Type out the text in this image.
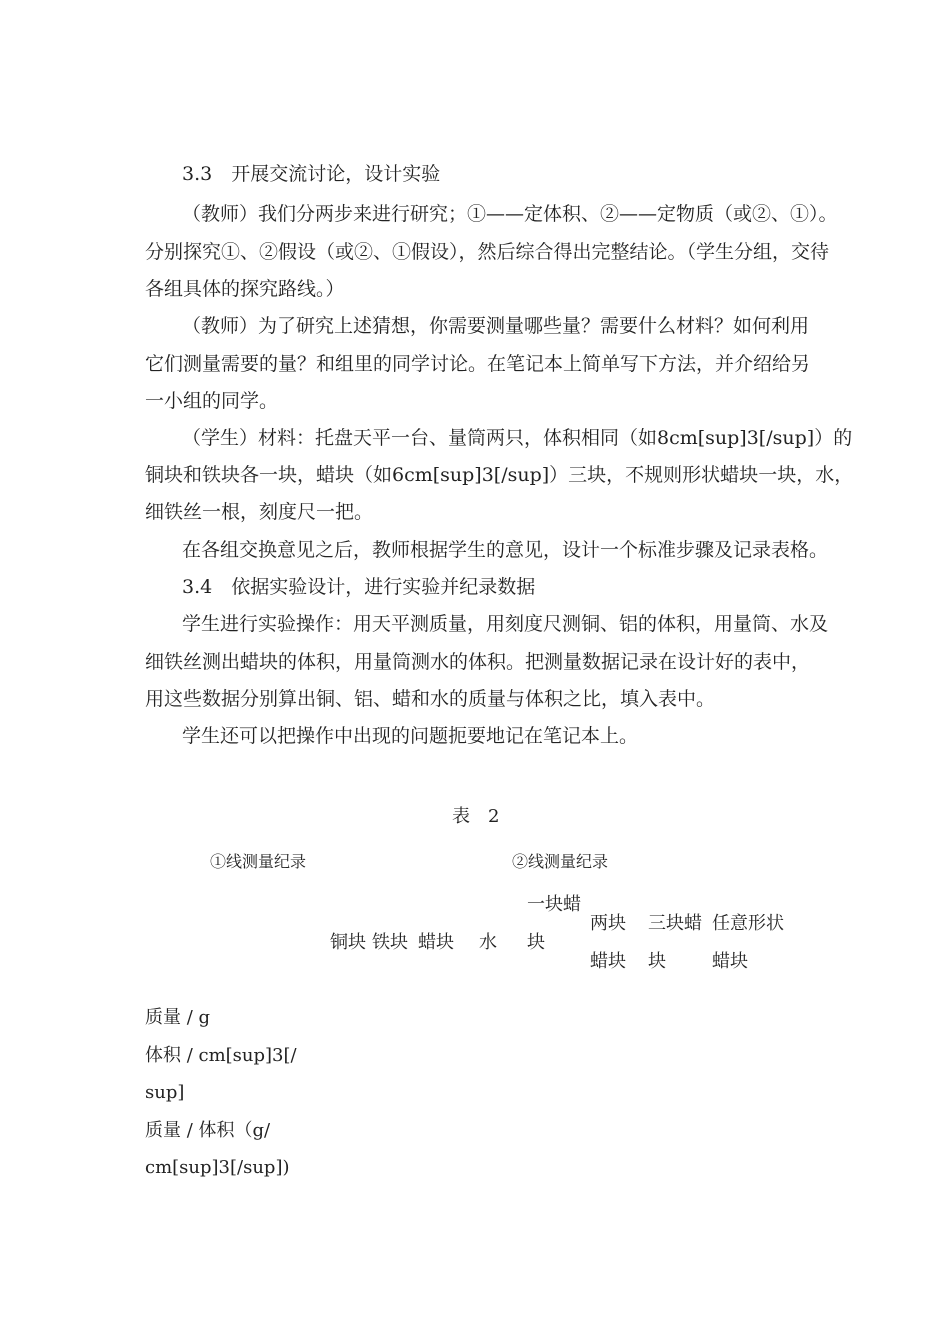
3.3　开展交流讨论，设计实验
（教师）我们分两步来进行研究；①——定体积、②——定物质（或②、①）。
分别探究①、②假设（或②、①假设），然后综合得出完整结论。（学生分组，交待
各组具体的探究路线。）
（教师）为了研究上述猜想，你需要测量哪些量？需要什么材料？如何利用
它们测量需要的量？和组里的同学讨论。在笔记本上简单写下方法，并介绍给另
一小组的同学。
（学生）材料：托盘天平一台、量筒两只，体积相同（如8cm[sup]3[/sup]）的
铜块和铁块各一块，蜡块（如6cm[sup]3[/sup]）三块，不规则形状蜡块一块，水，
细铁丝一根，刻度尺一把。
在各组交换意见之后，教师根据学生的意见，设计一个标准步骤及记录表格。
3.4　依据实验设计，进行实验并纪录数据
学生进行实验操作：用天平测质量，用刻度尺测铜、铝的体积，用量筒、水及
细铁丝测出蜡块的体积，用量筒测水的体积。把测量数据记录在设计好的表中，
用这些数据分别算出铜、铝、蜡和水的质量与体积之比，填入表中。
学生还可以把操作中出现的问题扼要地记在笔记本上。
表　2
①线测量纪录	②线测量纪录
铜块 铁块 蜡块 水
一块蜡
块
两块
蜡块
三块蜡
块
任意形状
蜡块
质量 / g
体积 / cm[sup]3[/
sup]
质量 / 体积（g/
cm[sup]3[/sup])
